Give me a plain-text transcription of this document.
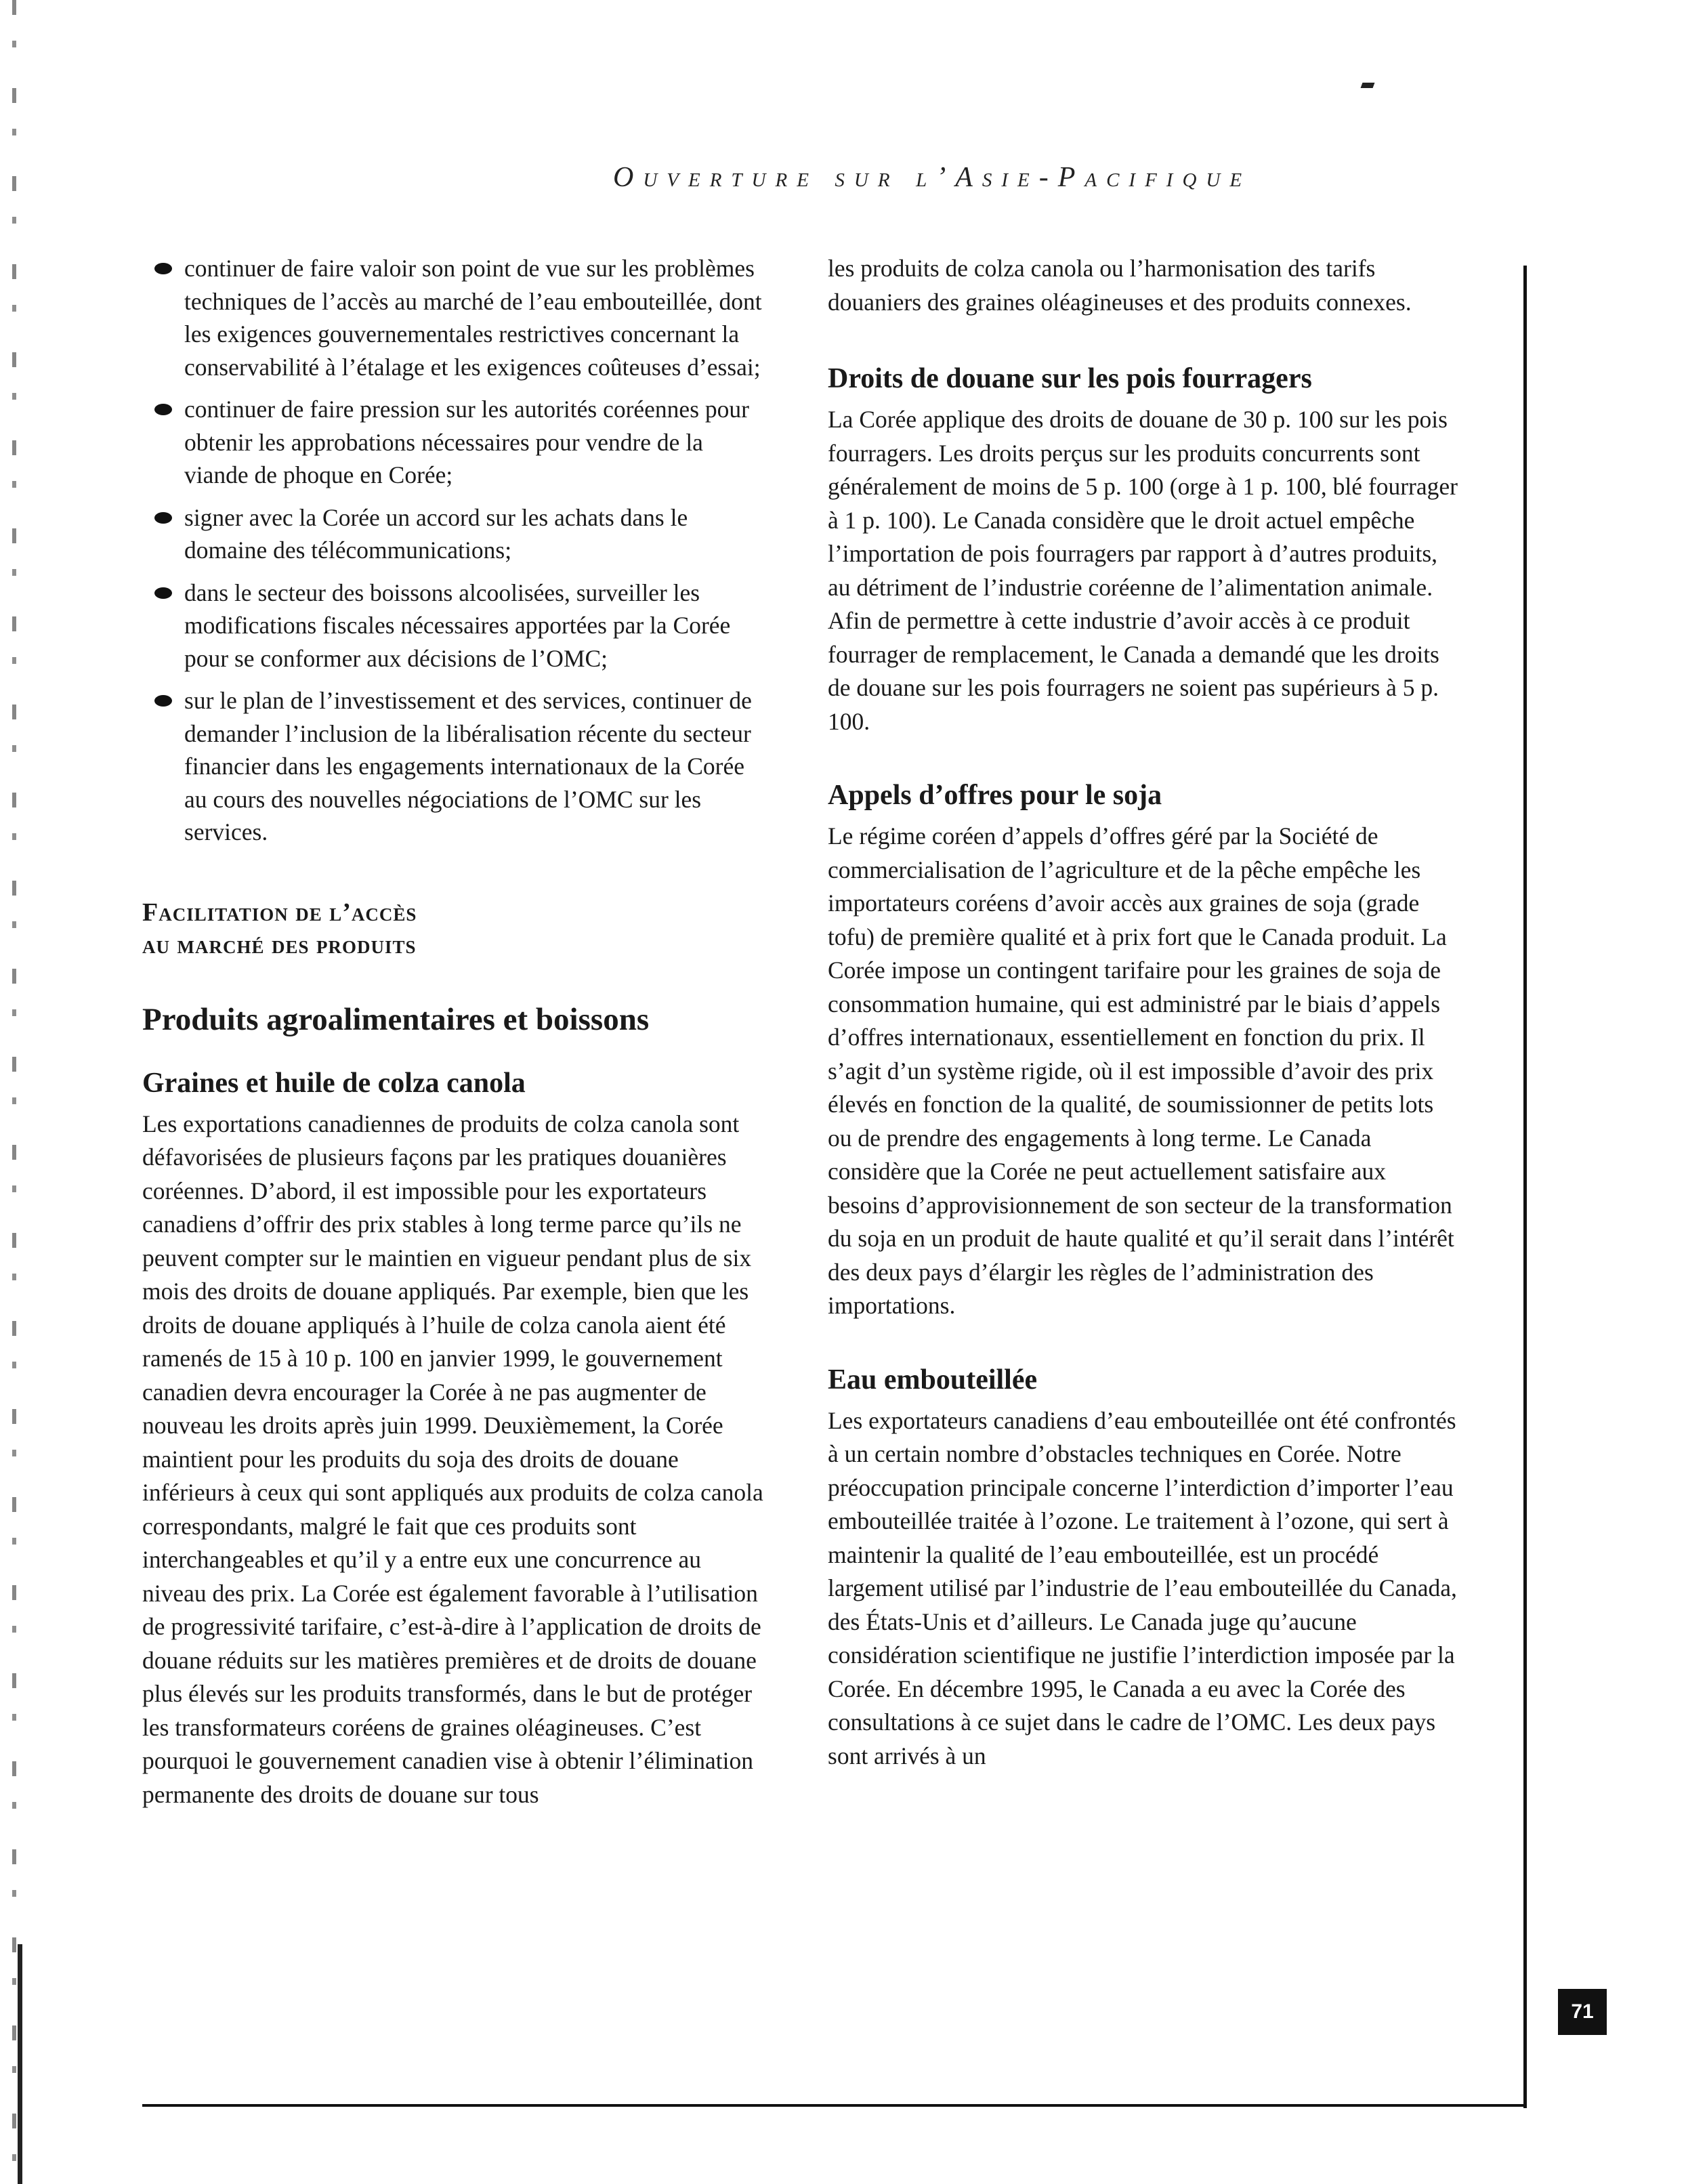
Ouverture sur l’Asie-Pacifique
continuer de faire valoir son point de vue sur les problèmes techniques de l’accès au marché de l’eau embouteillée, dont les exigences gouvernementales restrictives concernant la conservabilité à l’étalage et les exigences coûteuses d’essai;
continuer de faire pression sur les autorités coréennes pour obtenir les approbations nécessaires pour vendre de la viande de phoque en Corée;
signer avec la Corée un accord sur les achats dans le domaine des télécommunications;
dans le secteur des boissons alcoolisées, surveiller les modifications fiscales nécessaires apportées par la Corée pour se conformer aux décisions de l’OMC;
sur le plan de l’investissement et des services, continuer de demander l’inclusion de la libéralisation récente du secteur financier dans les engagements internationaux de la Corée au cours des nouvelles négociations de l’OMC sur les services.
Facilitation de l’accès
au marché des produits
Produits agroalimentaires et boissons
Graines et huile de colza canola

Les exportations canadiennes de produits de colza canola sont défavorisées de plusieurs façons par les pratiques douanières coréennes. D’abord, il est impossible pour les exportateurs canadiens d’offrir des prix stables à long terme parce qu’ils ne peuvent compter sur le maintien en vigueur pendant plus de six mois des droits de douane appliqués. Par exemple, bien que les droits de douane appliqués à l’huile de colza canola aient été ramenés de 15 à 10 p. 100 en janvier 1999, le gouvernement canadien devra encourager la Corée à ne pas augmenter de nouveau les droits après juin 1999. Deuxièmement, la Corée maintient pour les produits du soja des droits de douane inférieurs à ceux qui sont appliqués aux produits de colza canola correspondants, malgré le fait que ces produits sont interchangeables et qu’il y a entre eux une concurrence au niveau des prix. La Corée est également favorable à l’utilisation de progressivité tarifaire, c’est-à-dire à l’application de droits de douane réduits sur les matières premières et de droits de douane plus élevés sur les produits transformés, dans le but de protéger les transformateurs coréens de graines oléagineuses. C’est pourquoi le gouvernement canadien vise à obtenir l’élimination permanente des droits de douane sur tous

les produits de colza canola ou l’harmonisation des tarifs douaniers des graines oléagineuses et des produits connexes.

Droits de douane sur les pois fourragers

La Corée applique des droits de douane de 30 p. 100 sur les pois fourragers. Les droits perçus sur les produits concurrents sont généralement de moins de 5 p. 100 (orge à 1 p. 100, blé fourrager à 1 p. 100). Le Canada considère que le droit actuel empêche l’importation de pois fourragers par rapport à d’autres produits, au détriment de l’industrie coréenne de l’alimentation animale. Afin de permettre à cette industrie d’avoir accès à ce produit fourrager de remplacement, le Canada a demandé que les droits de douane sur les pois fourragers ne soient pas supérieurs à 5 p. 100.

Appels d’offres pour le soja

Le régime coréen d’appels d’offres géré par la Société de commercialisation de l’agriculture et de la pêche empêche les importateurs coréens d’avoir accès aux graines de soja (grade tofu) de première qualité et à prix fort que le Canada produit. La Corée impose un contingent tarifaire pour les graines de soja de consommation humaine, qui est administré par le biais d’appels d’offres internationaux, essentiellement en fonction du prix. Il s’agit d’un système rigide, où il est impossible d’avoir des prix élevés en fonction de la qualité, de soumissionner de petits lots ou de prendre des engagements à long terme. Le Canada considère que la Corée ne peut actuellement satisfaire aux besoins d’approvisionnement de son secteur de la transformation du soja en un produit de haute qualité et qu’il serait dans l’intérêt des deux pays d’élargir les règles de l’administration des importations.

Eau embouteillée

Les exportateurs canadiens d’eau embouteillée ont été confrontés à un certain nombre d’obstacles techniques en Corée. Notre préoccupation principale concerne l’interdiction d’importer l’eau embouteillée traitée à l’ozone. Le traitement à l’ozone, qui sert à maintenir la qualité de l’eau embouteillée, est un procédé largement utilisé par l’industrie de l’eau embouteillée du Canada, des États-Unis et d’ailleurs. Le Canada juge qu’aucune considération scientifique ne justifie l’interdiction imposée par la Corée. En décembre 1995, le Canada a eu avec la Corée des consultations à ce sujet dans le cadre de l’OMC. Les deux pays sont arrivés à un

71
